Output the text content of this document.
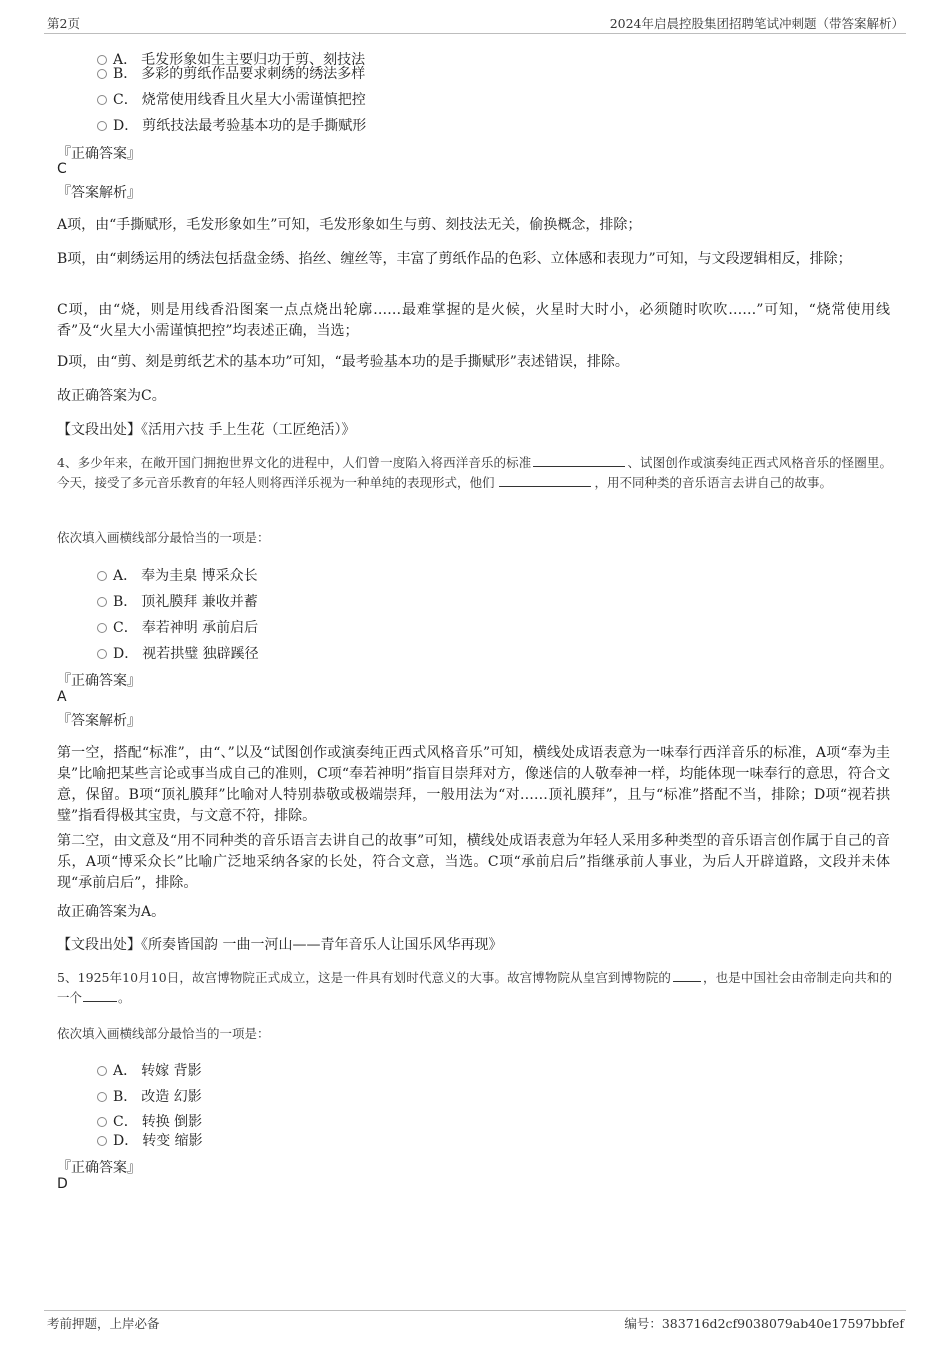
第2页	2024年启晨控股集团招聘笔试冲刺题（带答案解析）
A． 毛发形象如生主要归功于剪、刻技法
B． 多彩的剪纸作品要求刺绣的绣法多样
C． 烧常使用线香且火星大小需谨慎把控
D． 剪纸技法最考验基本功的是手撕赋形
『正确答案』
C
『答案解析』
A项，由“手撕赋形，毛发形象如生”可知，毛发形象如生与剪、刻技法无关，偷换概念，排除；
B项，由“刺绣运用的绣法包括盘金绣、掐丝、缠丝等，丰富了剪纸作品的色彩、立体感和表现力”可知，与文段逻辑相反，排除；
C项，由“烧，则是用线香沿图案一点点烧出轮廓……最难掌握的是火候，火星时大时小，必须随时吹吹……”可知，“烧常使用线香”及“火星大小需谨慎把控”均表述正确，当选；
D项，由“剪、刻是剪纸艺术的基本功”可知，“最考验基本功的是手撕赋形”表述错误，排除。
故正确答案为C。
【文段出处】《活用六技 手上生花（工匠绝活）》
4、多少年来，在敞开国门拥抱世界文化的进程中，人们曾一度陷入将西洋音乐的标准	、试图创作或演奏纯正西式风格音乐的怪圈里。今天，接受了多元音乐教育的年轻人则将西洋乐视为一种单纯的表现形式，他们	，用不同种类的音乐语言去讲自己的故事。
依次填入画横线部分最恰当的一项是：
A． 奉为圭臬 博采众长
B． 顶礼膜拜 兼收并蓄
C． 奉若神明 承前启后
D． 视若拱璧 独辟蹊径
『正确答案』
A
『答案解析』
第一空，搭配“标准”，由“、”以及“试图创作或演奏纯正西式风格音乐”可知，横线处成语表意为一味奉行西洋音乐的标准，A项“奉为圭臬”比喻把某些言论或事当成自己的准则，C项“奉若神明”指盲目崇拜对方，像迷信的人敬奉神一样，均能体现一味奉行的意思，符合文意，保留。B项“顶礼膜拜”比喻对人特别恭敬或极端崇拜，一般用法为“对……顶礼膜拜”，且与“标准”搭配不当，排除；D项“视若拱璧”指看得极其宝贵，与文意不符，排除。
第二空，由文意及“用不同种类的音乐语言去讲自己的故事”可知，横线处成语表意为年轻人采用多种类型的音乐语言创作属于自己的音乐，A项“博采众长”比喻广泛地采纳各家的长处，符合文意，当选。C项“承前启后”指继承前人事业，为后人开辟道路，文段并未体现“承前启后”，排除。
故正确答案为A。
【文段出处】《所奏皆国韵 一曲一河山——青年音乐人让国乐风华再现》
5、1925年10月10日，故宫博物院正式成立，这是一件具有划时代意义的大事。故宫博物院从皇宫到博物院的	，也是中国社会由帝制走向共和的一个	。
依次填入画横线部分最恰当的一项是：
A． 转嫁 背影
B． 改造 幻影
C． 转换 倒影
D． 转变 缩影
『正确答案』
D
考前押题，上岸必备	编号：383716d2cf9038079ab40e17597bbfef
